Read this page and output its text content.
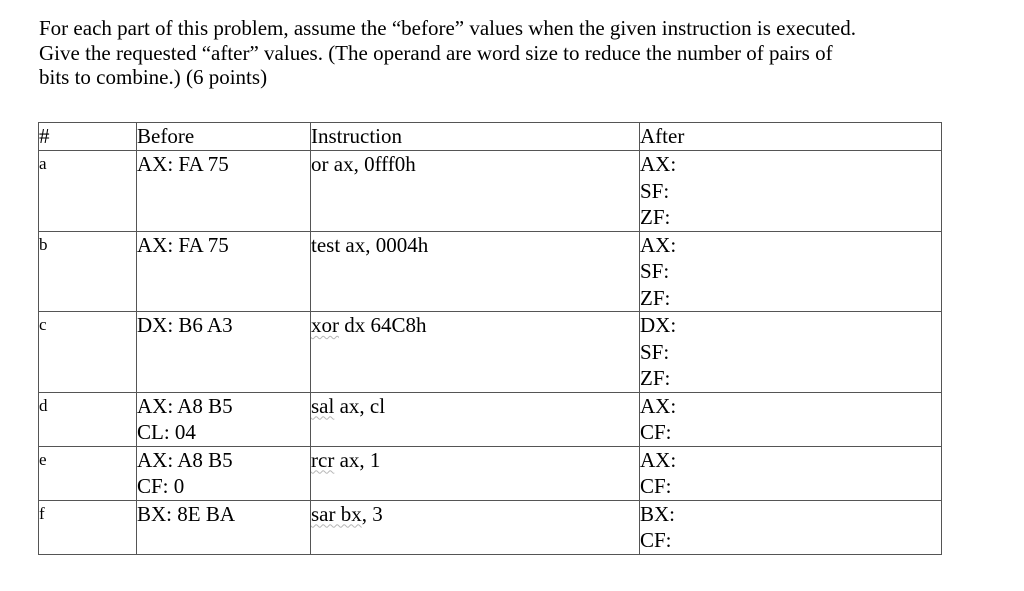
For each part of this problem, assume the “before” values when the given instruction is executed.
Give the requested “after” values. (The operand are word size to reduce the number of pairs of
bits to combine.) (6 points)
#	Before	Instruction	After

a	AX: FA 75	or ax, 0fff0h	AX:
SF:
ZF:

b	AX: FA 75	test ax, 0004h	AX:
SF:
ZF:

c	DX: B6 A3	xor dx 64C8h	DX:
SF:
ZF:

d	AX: A8 B5
CL: 04	sal ax, cl	AX:
CF:

e	AX: A8 B5
CF: 0	rcr ax, 1	AX:
CF:

f	BX: 8E BA	sar bx, 3	BX:
CF:
